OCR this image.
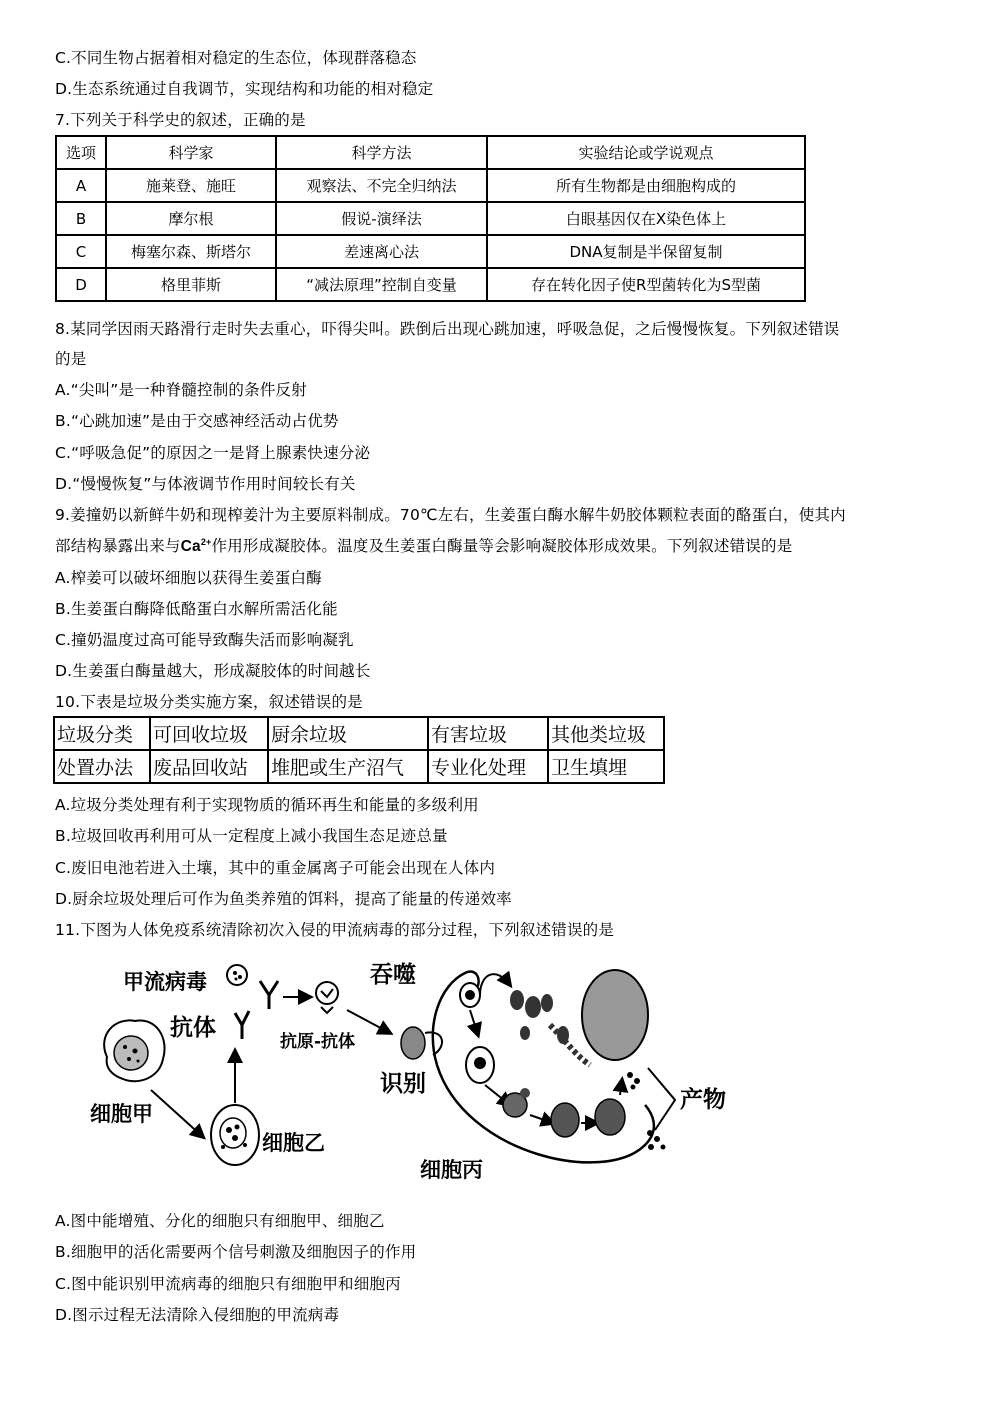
C.不同生物占据着相对稳定的生态位，体现群落稳态
D.生态系统通过自我调节，实现结构和功能的相对稳定
7.下列关于科学史的叙述，正确的是
选项	科学家	科学方法	实验结论或学说观点
A	施莱登、施旺	观察法、不完全归纳法	所有生物都是由细胞构成的
B	摩尔根	假说-演绎法	白眼基因仅在X染色体上
C	梅塞尔森、斯塔尔	差速离心法	DNA复制是半保留复制
D	格里菲斯	“减法原理”控制自变量	存在转化因子使R型菌转化为S型菌
8.某同学因雨天路滑行走时失去重心，吓得尖叫。跌倒后出现心跳加速，呼吸急促，之后慢慢恢复。下列叙述错误
的是
A.“尖叫”是一种脊髓控制的条件反射
B.“心跳加速”是由于交感神经活动占优势
C.“呼吸急促”的原因之一是肾上腺素快速分泌
D.“慢慢恢复”与体液调节作用时间较长有关
9.姜撞奶以新鲜牛奶和现榨姜汁为主要原料制成。70℃左右，生姜蛋白酶水解牛奶胶体颗粒表面的酪蛋白，使其内
部结构暴露出来与$Ca^{2+}$作用形成凝胶体。温度及生姜蛋白酶量等会影响凝胶体形成效果。下列叙述错误的是
A.榨姜可以破坏细胞以获得生姜蛋白酶
B.生姜蛋白酶降低酪蛋白水解所需活化能
C.撞奶温度过高可能导致酶失活而影响凝乳
D.生姜蛋白酶量越大，形成凝胶体的时间越长
10.下表是垃圾分类实施方案，叙述错误的是
垃圾分类	可回收垃圾	厨余垃圾	有害垃圾	其他类垃圾
处置办法	废品回收站	堆肥或生产沼气	专业化处理	卫生填埋
A.垃圾分类处理有利于实现物质的循环再生和能量的多级利用
B.垃圾回收再利用可从一定程度上减小我国生态足迹总量
C.废旧电池若进入土壤，其中的重金属离子可能会出现在人体内
D.厨余垃圾处理后可作为鱼类养殖的饵料，提高了能量的传递效率
11.下图为人体免疫系统清除初次入侵的甲流病毒的部分过程，下列叙述错误的是
甲流病毒
抗体
抗原-抗体
吞噬
识别
产物
细胞甲
细胞乙
细胞丙
A.图中能增殖、分化的细胞只有细胞甲、细胞乙
B.细胞甲的活化需要两个信号刺激及细胞因子的作用
C.图中能识别甲流病毒的细胞只有细胞甲和细胞丙
D.图示过程无法清除入侵细胞的甲流病毒
